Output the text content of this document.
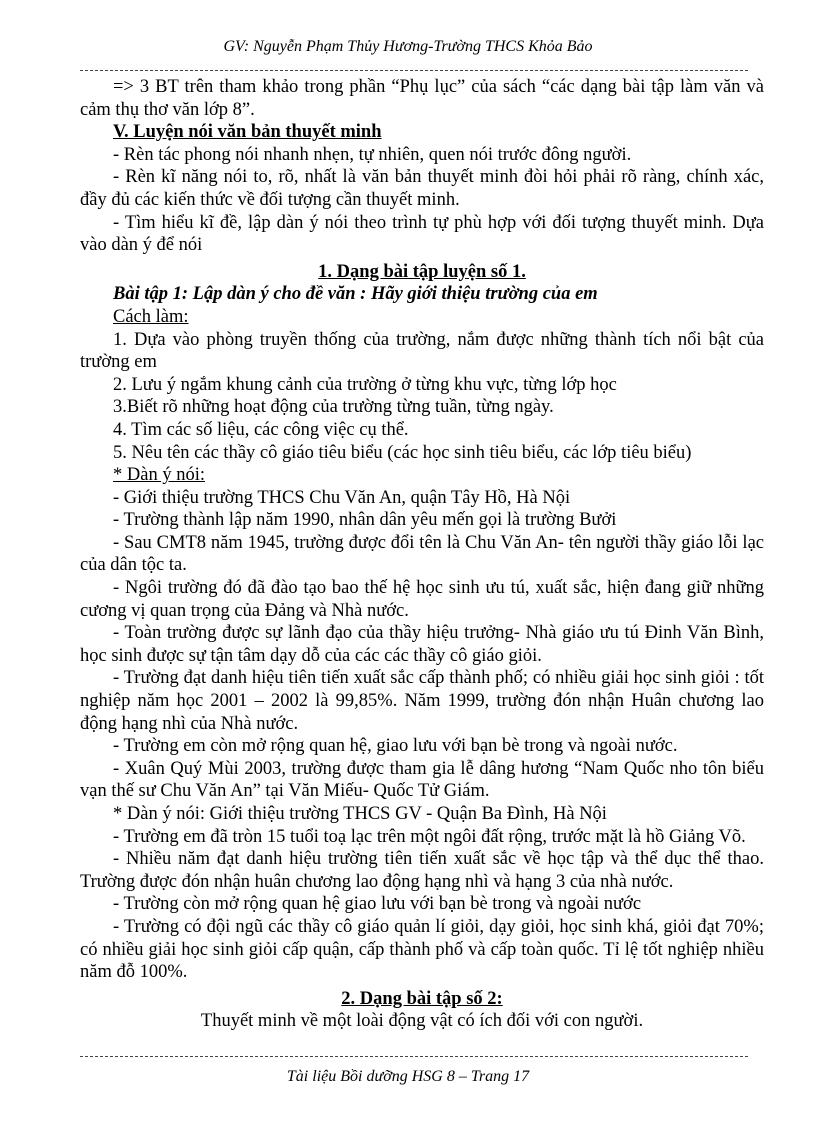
GV: Nguyễn Phạm Thủy Hương-Trường THCS Khỏa Bảo

=> 3 BT trên tham khảo trong phần “Phụ lục” của sách “các dạng bài tập làm văn và cảm thụ thơ văn lớp 8”.

V. Luyện nói văn bản thuyết minh

- Rèn tác phong nói nhanh nhẹn, tự nhiên, quen nói trước đông người.

- Rèn kĩ năng nói to, rõ, nhất là văn bản thuyết minh đòi hỏi phải rõ ràng, chính xác, đầy đủ các kiến thức về đối tượng cần thuyết minh.

- Tìm hiểu kĩ đề, lập dàn ý nói theo trình tự phù hợp với đối tượng thuyết minh. Dựa vào dàn ý để nói

1. Dạng bài tập luyện số 1.

Bài tập 1: Lập dàn ý cho đề văn : Hãy giới thiệu trường của em

Cách làm:

1. Dựa vào phòng truyền thống của trường, nắm được những thành tích nổi bật của trường em

2. Lưu ý ngắm khung cảnh của trường ở từng khu vực, từng lớp học

3.Biết rõ những hoạt động của trường từng tuần, từng ngày.

4. Tìm các số liệu, các công việc cụ thể.

5. Nêu tên các thầy cô giáo tiêu biểu (các học sinh tiêu biểu, các lớp tiêu biểu)

* Dàn ý nói:

- Giới thiệu trường THCS Chu Văn An, quận Tây Hồ, Hà Nội

- Trường thành lập năm 1990, nhân dân yêu mến gọi là trường Bưởi

- Sau CMT8 năm 1945, trường được đổi tên là Chu Văn An- tên người thầy giáo lỗi lạc của dân tộc ta.

- Ngôi trường đó đã đào tạo bao thế hệ học sinh ưu tú, xuất sắc, hiện đang giữ những cương vị quan trọng của Đảng và Nhà nước.

- Toàn trường được sự lãnh đạo của thầy hiệu trưởng- Nhà giáo ưu tú Đinh Văn Bình, học sinh được sự tận tâm dạy dỗ của các các thầy cô giáo giỏi.

- Trường đạt danh hiệu tiên tiến xuất sắc cấp thành phố; có nhiều giải học sinh giỏi : tốt nghiệp năm học 2001 – 2002 là 99,85%. Năm 1999, trường đón nhận Huân chương lao động hạng nhì của Nhà nước.

- Trường em còn mở rộng quan hệ, giao lưu với bạn bè trong và ngoài nước.

- Xuân Quý Mùi 2003, trường được tham gia lễ dâng hương “Nam Quốc nho tôn biểu vạn thế sư Chu Văn An” tại Văn Miếu- Quốc Tử Giám.

* Dàn ý nói: Giới thiệu trường THCS GV - Quận Ba Đình, Hà Nội

- Trường em đã tròn 15 tuổi toạ lạc trên một ngôi đất rộng, trước mặt là hồ Giảng Võ.

- Nhiều năm đạt danh hiệu trường tiên tiến xuất sắc về học tập và thể dục thể thao. Trường được đón nhận huân chương lao động hạng nhì và hạng 3 của nhà nước.

- Trường còn mở rộng quan hệ giao lưu với bạn bè trong và ngoài nước

- Trường có đội ngũ các thầy cô giáo quản lí giỏi, dạy giỏi, học sinh khá, giỏi đạt 70%; có nhiều giải học sinh giỏi cấp quận, cấp thành phố và cấp toàn quốc. Tỉ lệ tốt nghiệp nhiều năm đỗ 100%.

2. Dạng bài tập số 2:

Thuyết minh về một loài động vật có ích đối với con người.

Tài liệu Bồi dưỡng HSG 8 – Trang 17
